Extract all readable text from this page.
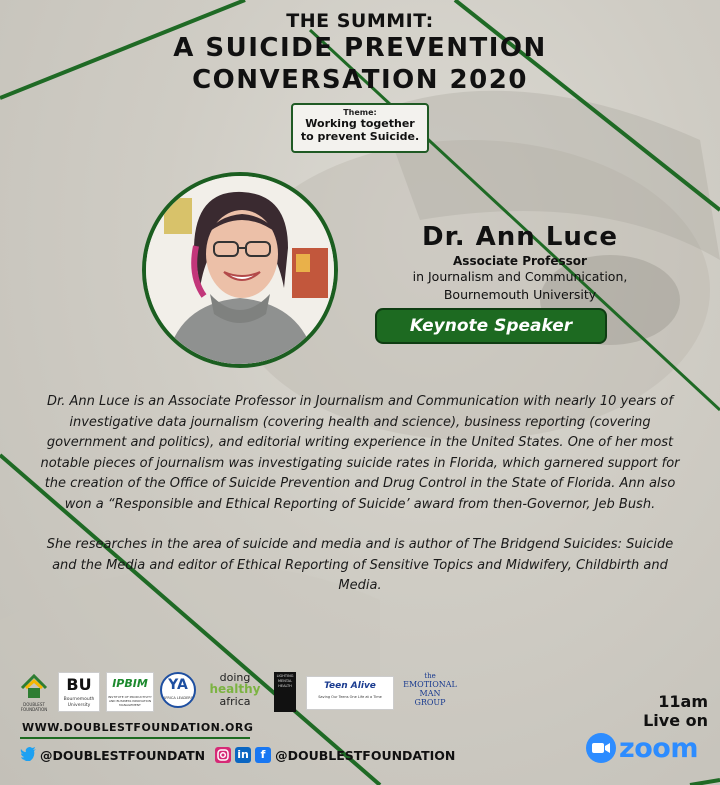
THE SUMMIT:
A SUICIDE PREVENTION
CONVERSATION 2020
Theme:
Working together
to prevent Suicide.
Dr. Ann Luce
Associate Professor
in Journalism and Communication,
Bournemouth University
Keynote Speaker

Dr. Ann Luce is an Associate Professor in Journalism and Communication with nearly 10 years of investigative data journalism (covering health and science), business reporting (covering government and politics), and editorial writing experience in the United States. One of her most notable pieces of journalism was investigating suicide rates in Florida, which garnered support for the creation of the Office of Suicide Prevention and Drug Control in the State of Florida. Ann also won a “Responsible and Ethical Reporting of Suicide’ award from then-Governor, Jeb Bush.

She researches in the area of suicide and media and is author of The Bridgend Suicides: Suicide and the Media and editor of Ethical Reporting of Sensitive Topics and Midwifery, Childbirth and Media.

DOUBLEST FOUNDATION
BU
Bournemouth University
IPBIM
INSTITUTE OF PRODUCTIVITY AND BUSINESS INNOVATION MANAGEMENT
YA
AFRICA LEADERS
doing
healthy
africa
LIGHTING MENTAL HEALTH	Teen Alive
Saving Our Teens One Life at a Time
the
EMOTIONAL
MAN
GROUP
WWW.DOUBLESTFOUNDATION.ORG
@DOUBLESTFOUNDATN	in	f @DOUBLESTFOUNDATION
11am
Live on
zoom
